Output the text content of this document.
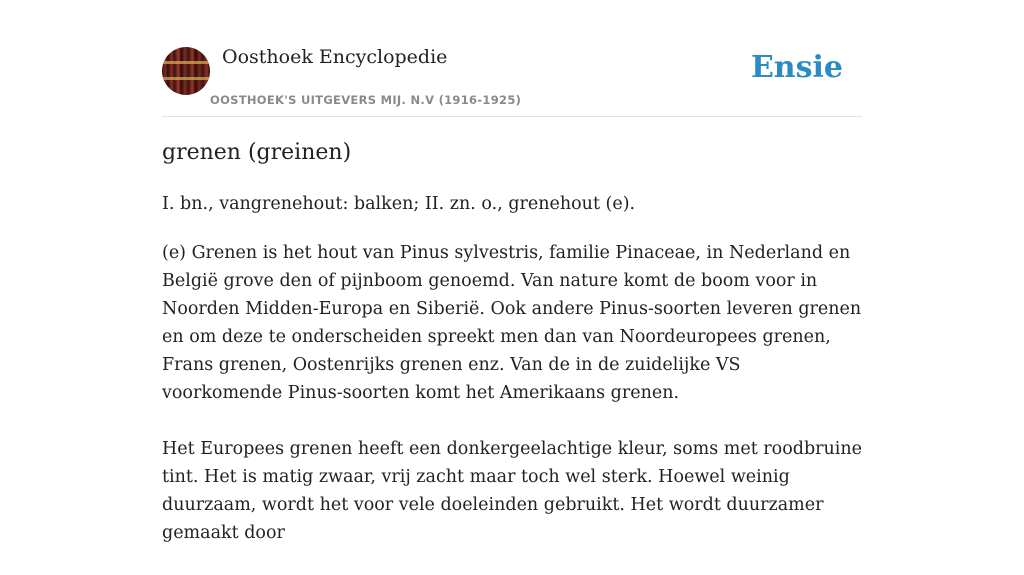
Oosthoek Encyclopedie
OOSTHOEK'S UITGEVERS MIJ. N.V (1916-1925)
Ensie
grenen (greinen)

I. bn., vangrenehout: balken; II. zn. o., grenehout (e).

(e) Grenen is het hout van Pinus sylvestris, familie Pinaceae, in Nederland en België grove den of pijnboom genoemd. Van nature komt de boom voor in Noorden Midden-Europa en Siberië. Ook andere Pinus-soorten leveren grenen en om deze te onderscheiden spreekt men dan van Noordeuropees grenen, Frans grenen, Oostenrijks grenen enz. Van de in de zuidelijke VS voorkomende Pinus-soorten komt het Amerikaans grenen.

Het Europees grenen heeft een donkergeelachtige kleur, soms met roodbruine tint. Het is matig zwaar, vrij zacht maar toch wel sterk. Hoewel weinig duurzaam, wordt het voor vele doeleinden gebruikt. Het wordt duurzamer gemaakt door
